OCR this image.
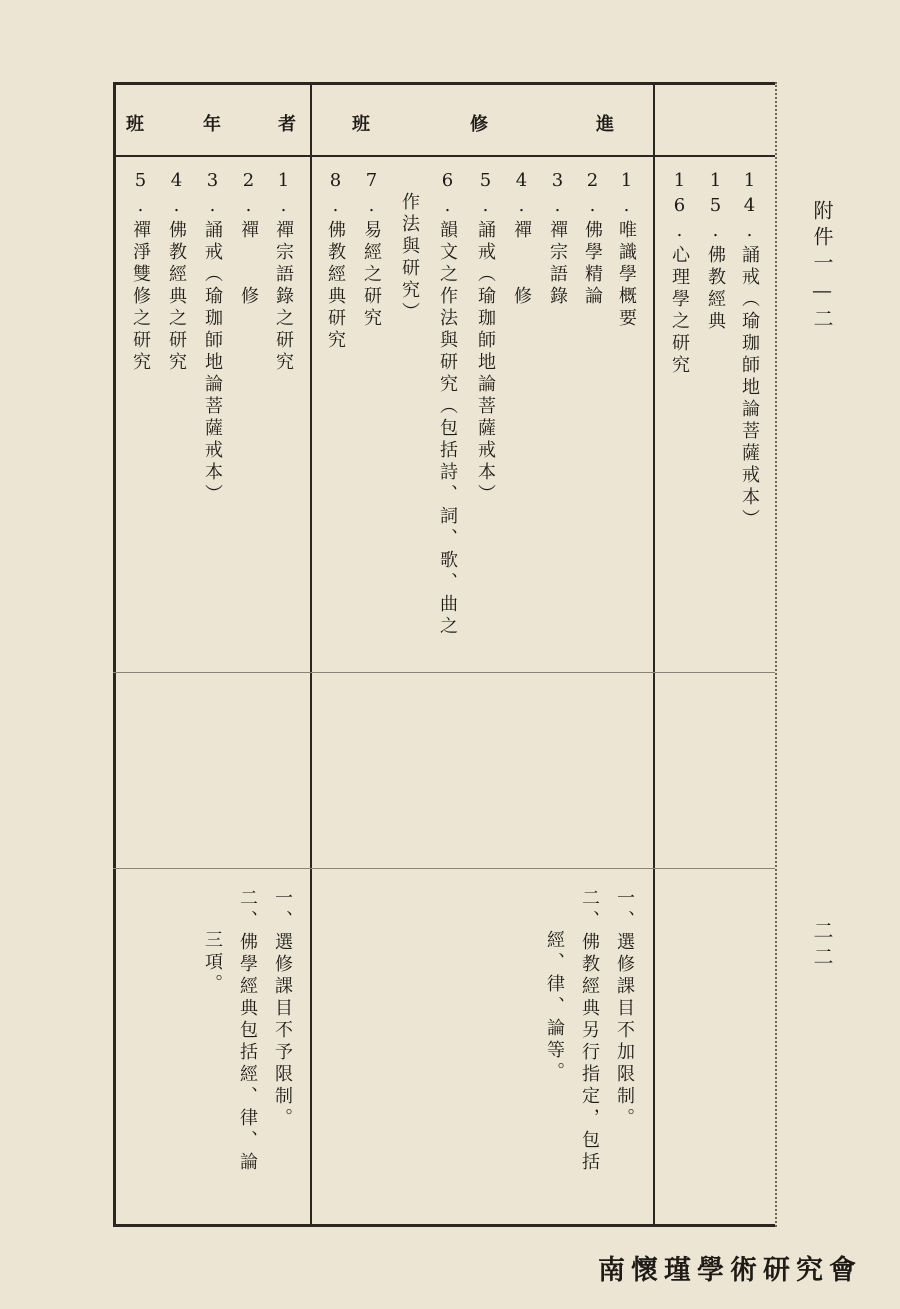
班	年	者	班	修	進
14.誦戒（瑜珈師地論菩薩戒本）
15.佛教經典
16.心理學之研究
1.唯識學概要
2.佛學精論
3.禪宗語錄
4.禪　　修
5.誦戒（瑜珈師地論菩薩戒本）
6.韻文之作法與研究（包括詩、詞、歌、曲之
作法與研究）
7.易經之研究
8.佛教經典研究
1.禪宗語錄之研究
2.禪　　修
3.誦戒（瑜珈師地論菩薩戒本）
4.佛教經典之研究
5.禪淨雙修之研究
一、選修課目不加限制。
二、佛教經典另行指定，包括
經、律、論等。
一、選修課目不予限制。
二、佛學經典包括經、律、論
三項。
附件一—二
二二
南懷瑾學術研究會
